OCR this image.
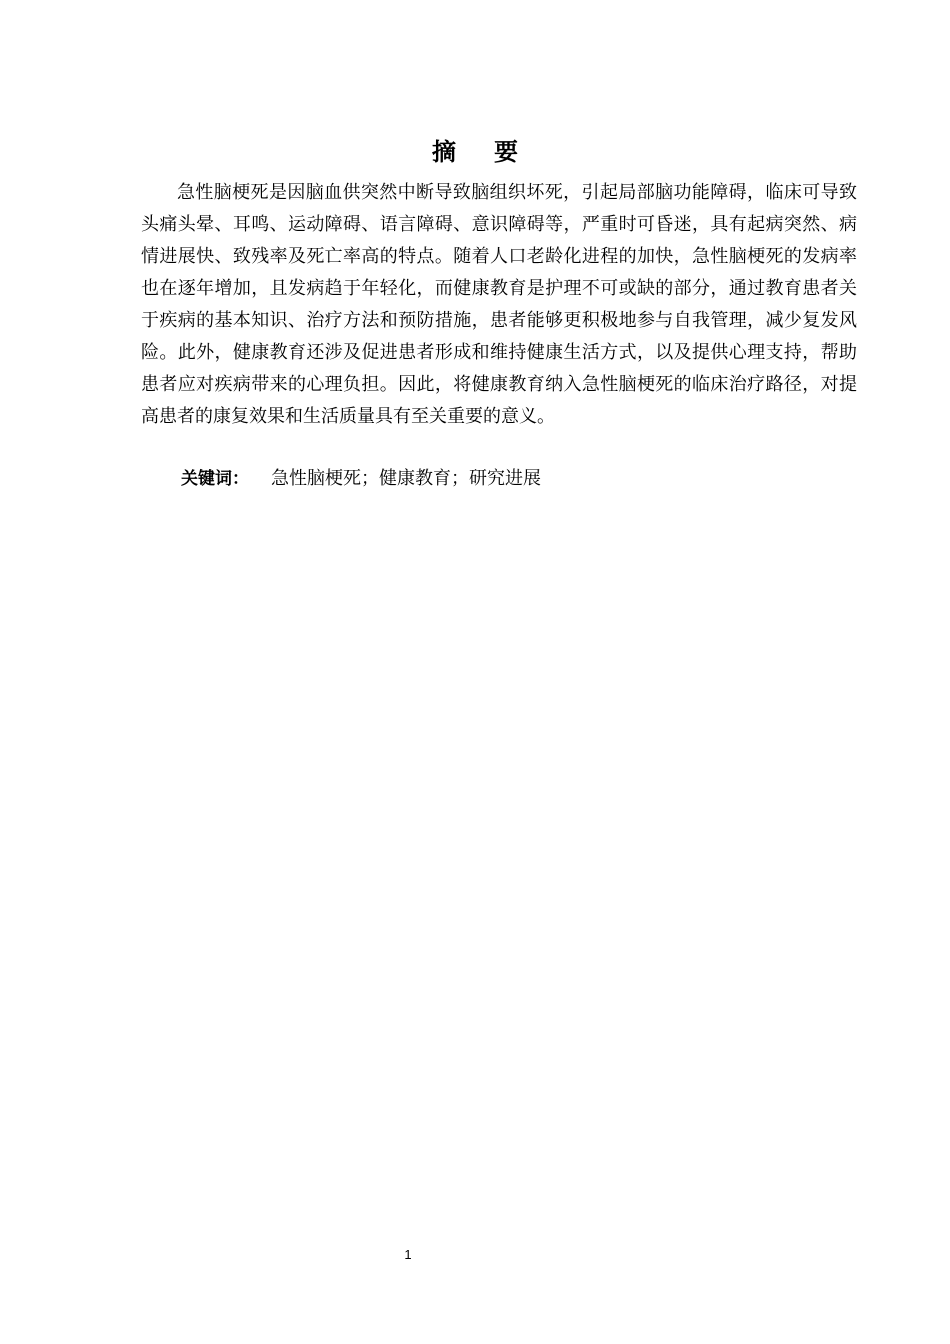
摘 要

急性脑梗死是因脑血供突然中断导致脑组织坏死，引起局部脑功能障碍，临床可导致头痛头晕、耳鸣、运动障碍、语言障碍、意识障碍等，严重时可昏迷，具有起病突然、病情进展快、致残率及死亡率高的特点。随着人口老龄化进程的加快，急性脑梗死的发病率也在逐年增加，且发病趋于年轻化，而健康教育是护理不可或缺的部分，通过教育患者关于疾病的基本知识、治疗方法和预防措施，患者能够更积极地参与自我管理，减少复发风险。此外，健康教育还涉及促进患者形成和维持健康生活方式，以及提供心理支持，帮助患者应对疾病带来的心理负担。因此，将健康教育纳入急性脑梗死的临床治疗路径，对提高患者的康复效果和生活质量具有至关重要的意义。

关键词： 急性脑梗死；健康教育；研究进展
1
